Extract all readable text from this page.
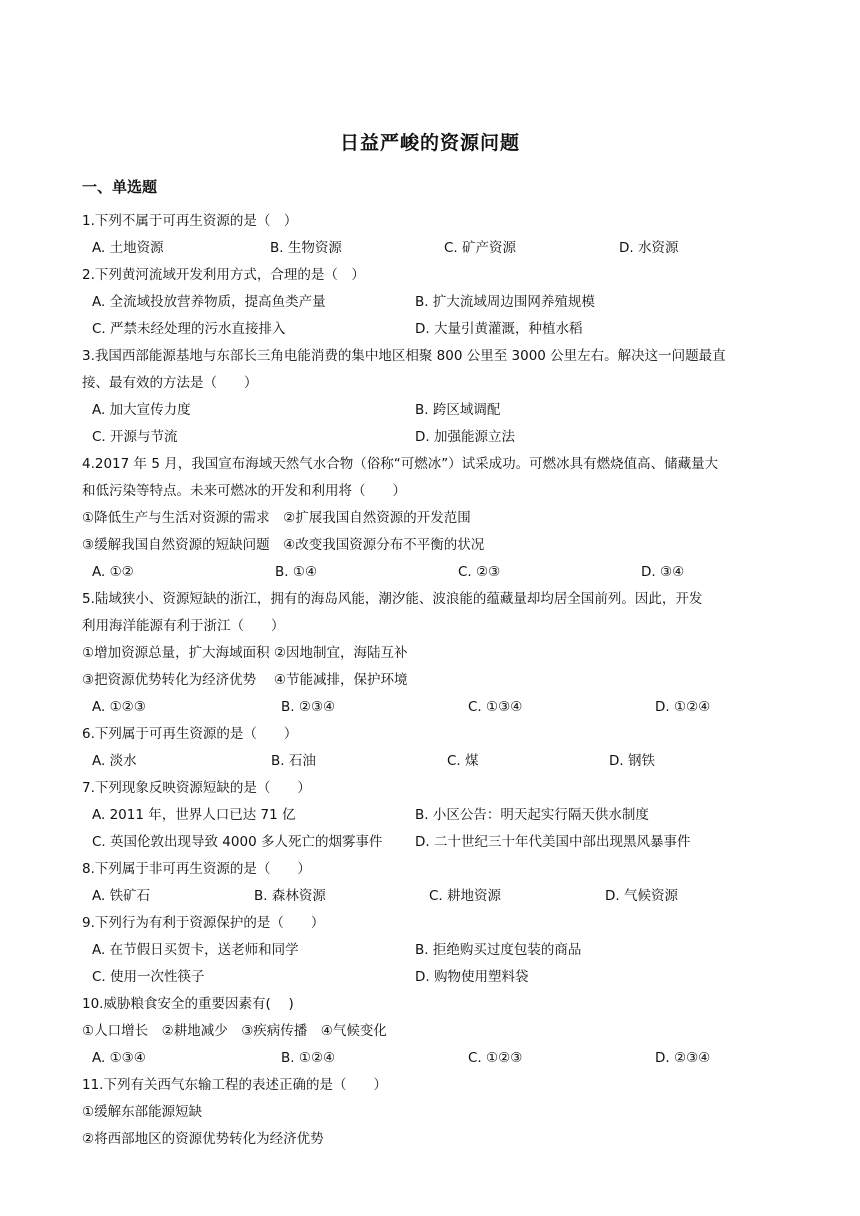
日益严峻的资源问题
一、单选题
1.下列不属于可再生资源的是（　）
A. 土地资源	B. 生物资源	C. 矿产资源	D. 水资源
2.下列黄河流域开发利用方式，合理的是（　）
A. 全流域投放营养物质，提高鱼类产量	B. 扩大流域周边围网养殖规模
C. 严禁未经处理的污水直接排入	D. 大量引黄灌溉，种植水稻
3.我国西部能源基地与东部长三角电能消费的集中地区相聚 800 公里至 3000 公里左右。解决这一问题最直
接、最有效的方法是（　　）
A. 加大宣传力度	B. 跨区域调配
C. 开源与节流	D. 加强能源立法
4.2017 年 5 月，我国宣布海域天然气水合物（俗称“可燃冰”）试采成功。可燃冰具有燃烧值高、储藏量大
和低污染等特点。未来可燃冰的开发和利用将（　　）
①降低生产与生活对资源的需求　②扩展我国自然资源的开发范围
③缓解我国自然资源的短缺问题　④改变我国资源分布不平衡的状况
A. ①②	B. ①④	C. ②③	D. ③④
5.陆域狭小、资源短缺的浙江，拥有的海岛风能，潮汐能、波浪能的蕴藏量却均居全国前列。因此，开发
利用海洋能源有利于浙江（　　）
①增加资源总量，扩大海域面积 ②因地制宜，海陆互补
③把资源优势转化为经济优势　 ④节能减排，保护环境
A. ①②③	B. ②③④	C. ①③④	D. ①②④
6.下列属于可再生资源的是（　　）
A. 淡水	B. 石油	C. 煤	D. 钢铁
7.下列现象反映资源短缺的是（　　）
A. 2011 年，世界人口已达 71 亿	B. 小区公告：明天起实行隔天供水制度
C. 英国伦敦出现导致 4000 多人死亡的烟雾事件 D. 二十世纪三十年代美国中部出现黑风暴事件
8.下列属于非可再生资源的是（　　）
A. 铁矿石	B. 森林资源	C. 耕地资源	D. 气候资源
9.下列行为有利于资源保护的是（　　）
A. 在节假日买贺卡，送老师和同学	B. 拒绝购买过度包装的商品
C. 使用一次性筷子	D. 购物使用塑料袋
10.威胁粮食安全的重要因素有(　 )
①人口增长　②耕地减少　③疾病传播　④气候变化
A. ①③④	B. ①②④	C. ①②③	D. ②③④
11.下列有关西气东输工程的表述正确的是（　　）
①缓解东部能源短缺
②将西部地区的资源优势转化为经济优势
